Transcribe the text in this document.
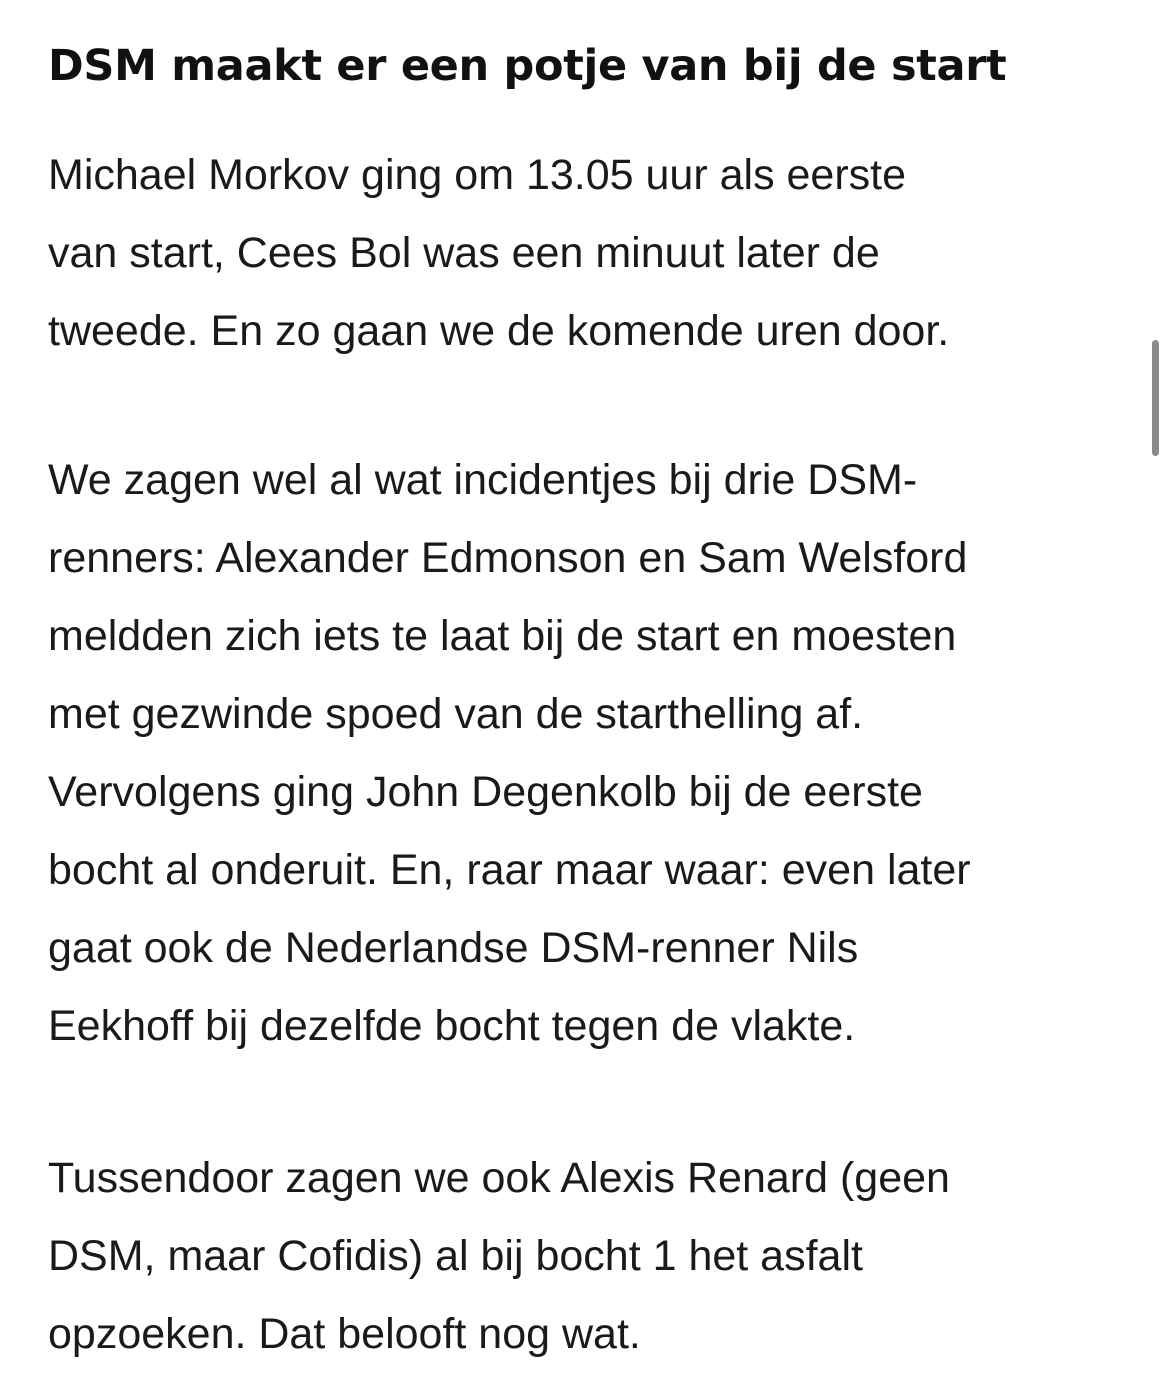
DSM maakt er een potje van bij de start

Michael Morkov ging om 13.05 uur als eerste
van start, Cees Bol was een minuut later de
tweede. En zo gaan we de komende uren door.

We zagen wel al wat incidentjes bij drie DSM-
renners: Alexander Edmonson en Sam Welsford
meldden zich iets te laat bij de start en moesten
met gezwinde spoed van de starthelling af.
Vervolgens ging John Degenkolb bij de eerste
bocht al onderuit. En, raar maar waar: even later
gaat ook de Nederlandse DSM-renner Nils
Eekhoff bij dezelfde bocht tegen de vlakte.

Tussendoor zagen we ook Alexis Renard (geen
DSM, maar Cofidis) al bij bocht 1 het asfalt
opzoeken. Dat belooft nog wat.
